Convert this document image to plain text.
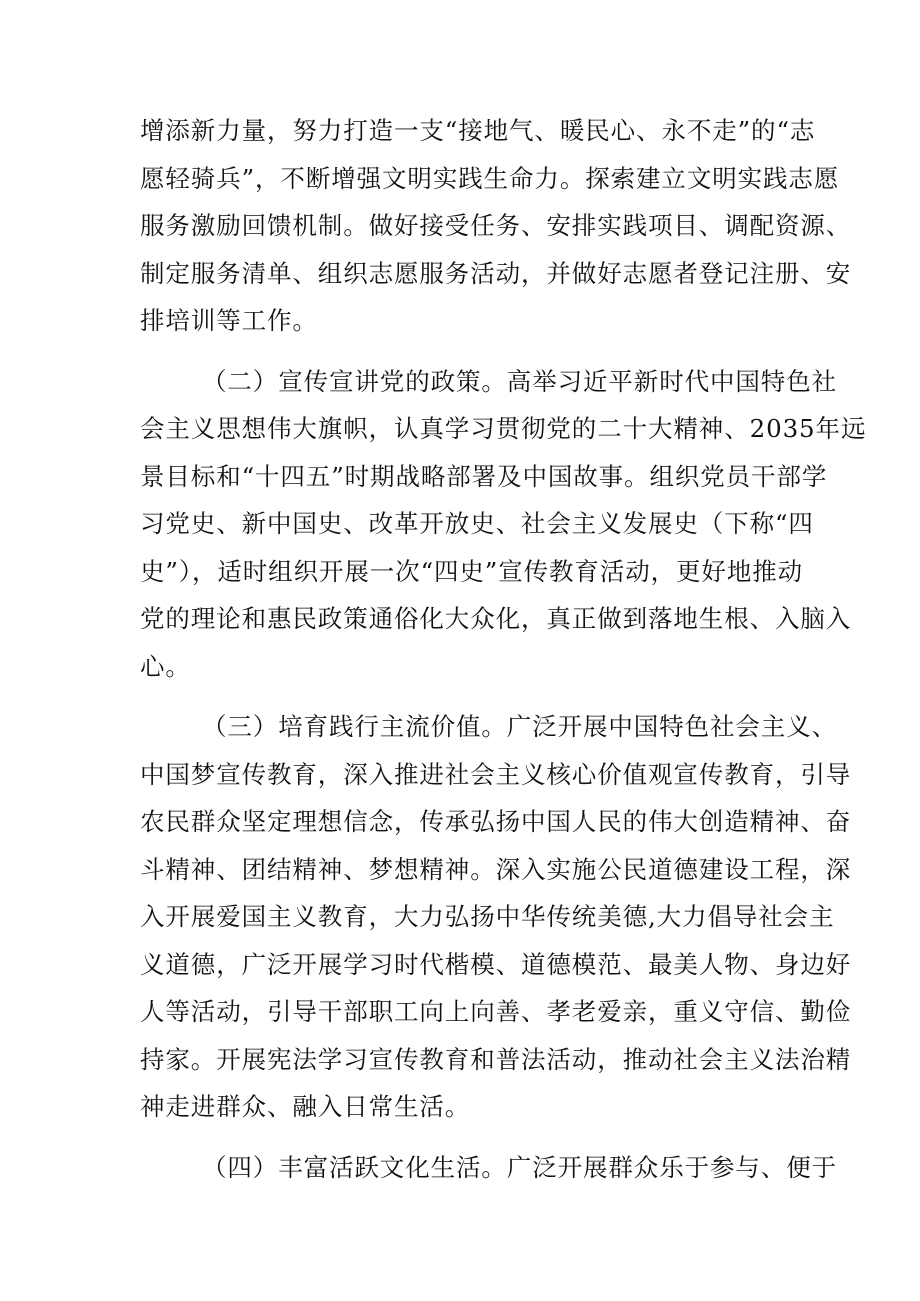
增添新力量，努力打造一支“接地气、暖民心、永不走”的“志
愿轻骑兵”，不断增强文明实践生命力。探索建立文明实践志愿
服务激励回馈机制。做好接受任务、安排实践项目、调配资源、
制定服务清单、组织志愿服务活动，并做好志愿者登记注册、安
排培训等工作。
（二）宣传宣讲党的政策。高举习近平新时代中国特色社
会主义思想伟大旗帜，认真学习贯彻党的二十大精神、2035年远
景目标和“十四五”时期战略部署及中国故事。组织党员干部学
习党史、新中国史、改革开放史、社会主义发展史（下称“四
史”），适时组织开展一次“四史”宣传教育活动，更好地推动
党的理论和惠民政策通俗化大众化，真正做到落地生根、入脑入
心。
（三）培育践行主流价值。广泛开展中国特色社会主义、
中国梦宣传教育，深入推进社会主义核心价值观宣传教育，引导
农民群众坚定理想信念，传承弘扬中国人民的伟大创造精神、奋
斗精神、团结精神、梦想精神。深入实施公民道德建设工程，深
入开展爱国主义教育，大力弘扬中华传统美德,大力倡导社会主
义道德，广泛开展学习时代楷模、道德模范、最美人物、身边好
人等活动，引导干部职工向上向善、孝老爱亲，重义守信、勤俭
持家。开展宪法学习宣传教育和普法活动，推动社会主义法治精
神走进群众、融入日常生活。
（四）丰富活跃文化生活。广泛开展群众乐于参与、便于
